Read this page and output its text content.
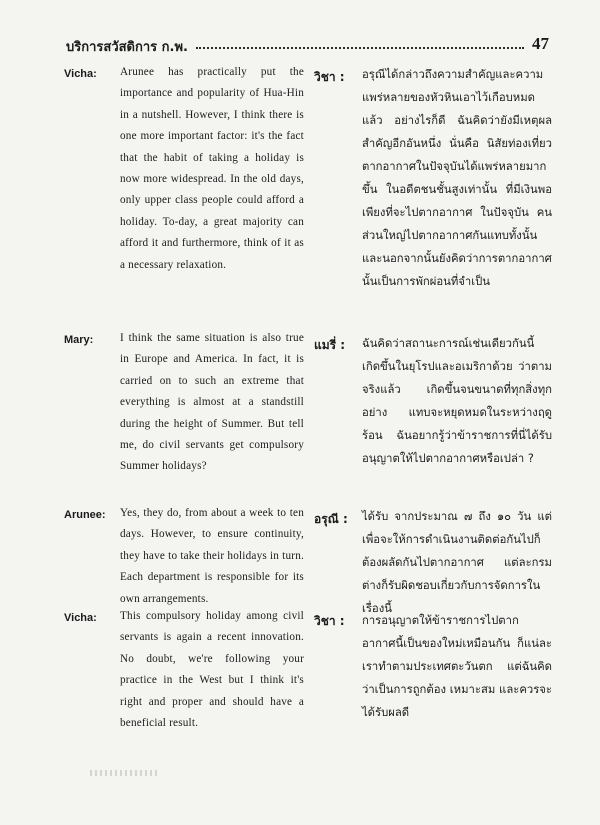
บริการสวัสดิการ ก.พ.	47
Vicha: Arunee has practically put the importance and popularity of Hua-Hin in a nutshell. However, I think there is one more important factor: it's the fact that the habit of taking a holiday is now more widespread. In the old days, only upper class people could afford a holiday. To-day, a great majority can afford it and furthermore, think of it as a necessary relaxation.

วิชา : อรุณีได้กล่าวถึงความสำคัญและความแพร่หลายของหัวหินเอาไว้เกือบหมดแล้ว อย่างไรก็ดี ฉันคิดว่ายังมีเหตุผลสำคัญอีกอันหนึ่ง นั่นคือ นิสัยท่องเที่ยวตากอากาศในปัจจุบันได้แพร่หลายมากขึ้น ในอดีตชนชั้นสูงเท่านั้น ที่มีเงินพอเพียงที่จะไปตากอากาศ ในปัจจุบัน คนส่วนใหญ่ไปตากอากาศกันแทบทั้งนั้นและนอกจากนั้นยังคิดว่าการตากอากาศนั้นเป็นการพักผ่อนที่จำเป็น

Mary: I think the same situation is also true in Europe and America. In fact, it is carried on to such an extreme that everything is almost at a standstill during the height of Summer. But tell me, do civil servants get compulsory Summer holidays?

แมรี่ : ฉันคิดว่าสถานะการณ์เช่นเดียวกันนี้เกิดขึ้นในยุโรปและอเมริกาด้วย ว่าตามจริงแล้ว เกิดขึ้นจนขนาดที่ทุกสิ่งทุกอย่าง แทบจะหยุดหมดในระหว่างฤดูร้อน ฉันอยากรู้ว่าข้าราชการที่นี่ได้รับอนุญาตให้ไปตากอากาศหรือเปล่า ?

Arunee: Yes, they do, from about a week to ten days. However, to ensure continuity, they have to take their holidays in turn. Each department is responsible for its own arrangements.

อรุณี : ได้รับ จากประมาณ ๗ ถึง ๑๐ วัน แต่เพื่อจะให้การดำเนินงานติดต่อกันไปก็ต้องผลัดกันไปตากอากาศ แต่ละกรมต่างก็รับผิดชอบเกี่ยวกับการจัดการในเรื่องนี้

Vicha: This compulsory holiday among civil servants is again a recent innovation. No doubt, we're following your practice in the West but I think it's right and proper and should have a beneficial result.

วิชา : การอนุญาตให้ข้าราชการไปตากอากาศนี้เป็นของใหม่เหมือนกัน ก็แน่ละเราทำตามประเทศตะวันตก แต่ฉันคิดว่าเป็นการถูกต้อง เหมาะสม และควรจะได้รับผลดี
